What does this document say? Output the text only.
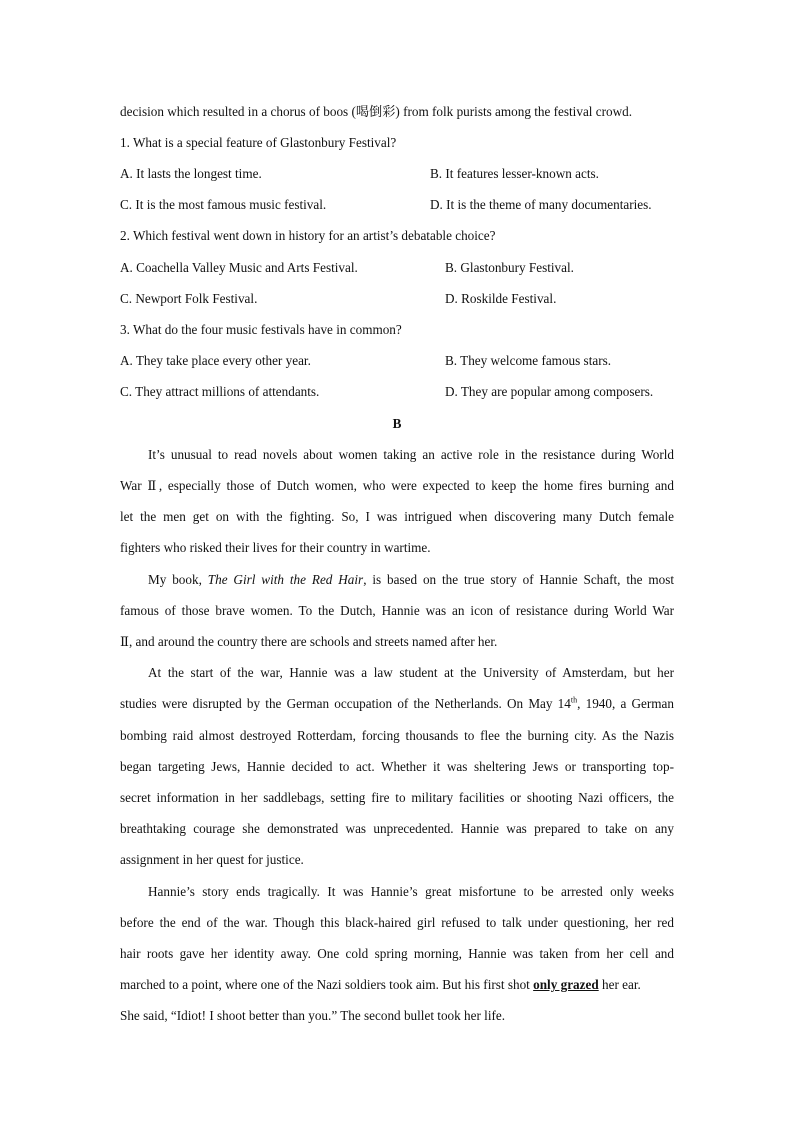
decision which resulted in a chorus of boos (喝倒彩) from folk purists among the festival crowd.
1. What is a special feature of Glastonbury Festival?
A. It lasts the longest time.	B. It features lesser-known acts.
C. It is the most famous music festival.	D. It is the theme of many documentaries.
2. Which festival went down in history for an artist’s debatable choice?
A. Coachella Valley Music and Arts Festival.	B. Glastonbury Festival.
C. Newport Folk Festival.	D. Roskilde Festival.
3. What do the four music festivals have in common?
A. They take place every other year.	B. They welcome famous stars.
C. They attract millions of attendants.	D. They are popular among composers.
B
It’s unusual to read novels about women taking an active role in the resistance during World
War Ⅱ, especially those of Dutch women, who were expected to keep the home fires burning and
let the men get on with the fighting. So, I was intrigued when discovering many Dutch female
fighters who risked their lives for their country in wartime.
My book, The Girl with the Red Hair, is based on the true story of Hannie Schaft, the most
famous of those brave women. To the Dutch, Hannie was an icon of resistance during World War
Ⅱ, and around the country there are schools and streets named after her.
At the start of the war, Hannie was a law student at the University of Amsterdam, but her
studies were disrupted by the German occupation of the Netherlands. On May 14th, 1940, a German
bombing raid almost destroyed Rotterdam, forcing thousands to flee the burning city. As the Nazis
began targeting Jews, Hannie decided to act. Whether it was sheltering Jews or transporting top-
secret information in her saddlebags, setting fire to military facilities or shooting Nazi officers, the
breathtaking courage she demonstrated was unprecedented. Hannie was prepared to take on any
assignment in her quest for justice.
Hannie’s story ends tragically. It was Hannie’s great misfortune to be arrested only weeks
before the end of the war. Though this black-haired girl refused to talk under questioning, her red
hair roots gave her identity away. One cold spring morning, Hannie was taken from her cell and
marched to a point, where one of the Nazi soldiers took aim. But his first shot only grazed her ear.
She said, “Idiot! I shoot better than you.” The second bullet took her life.
